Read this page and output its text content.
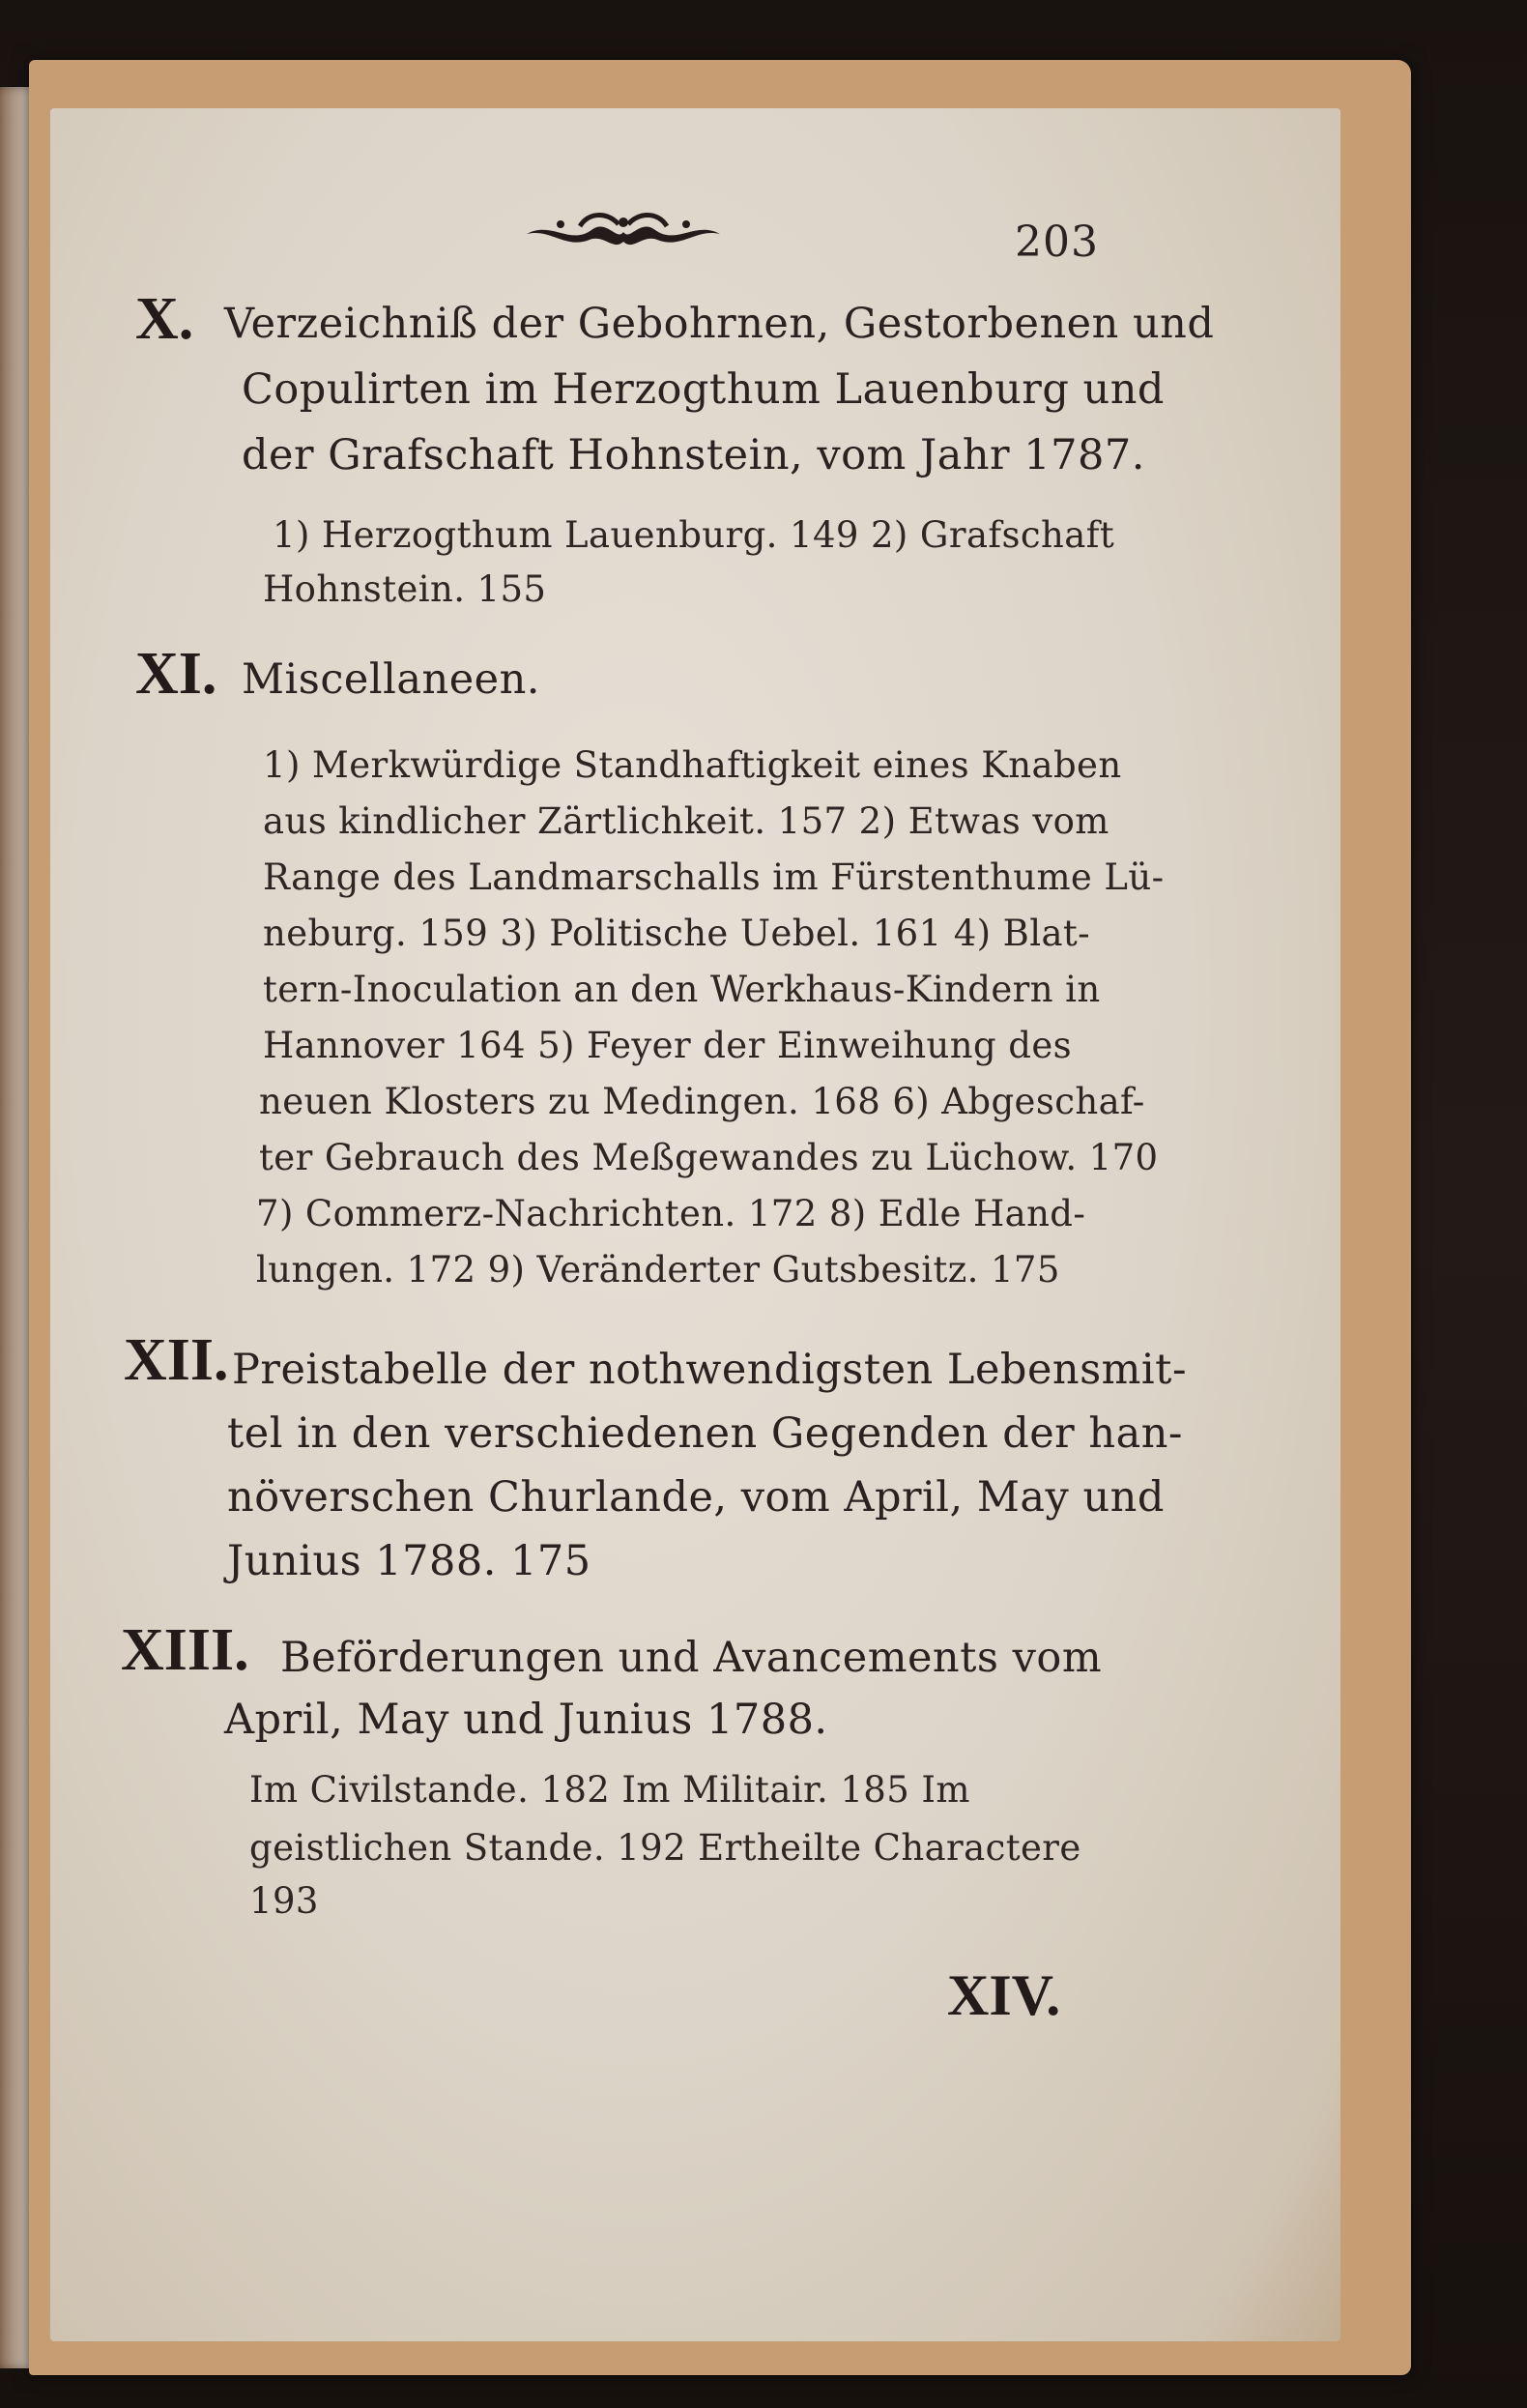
203
X. Verzeichniß der Gebohrnen, Gestorbenen und
Copulirten im Herzogthum Lauenburg und
der Grafschaft Hohnstein, vom Jahr 1787.
1) Herzogthum Lauenburg. 149 2) Grafschaft
Hohnstein. 155
XI. Miscellaneen.
1) Merkwürdige Standhaftigkeit eines Knaben
aus kindlicher Zärtlichkeit. 157 2) Etwas vom
Range des Landmarschalls im Fürstenthume Lü-
neburg. 159 3) Politische Uebel. 161 4) Blat-
tern-Inoculation an den Werkhaus-Kindern in
Hannover 164 5) Feyer der Einweihung des
neuen Klosters zu Medingen. 168 6) Abgeschaf-
ter Gebrauch des Meßgewandes zu Lüchow. 170
7) Commerz-Nachrichten. 172 8) Edle Hand-
lungen. 172 9) Veränderter Gutsbesitz. 175
XII. Preistabelle der nothwendigsten Lebensmit-
tel in den verschiedenen Gegenden der han-
növerschen Churlande, vom April, May und
Junius 1788. 175
XIII. Beförderungen und Avancements vom
April, May und Junius 1788.
Im Civilstande. 182 Im Militair. 185 Im
geistlichen Stande. 192 Ertheilte Charactere
193
XIV.
